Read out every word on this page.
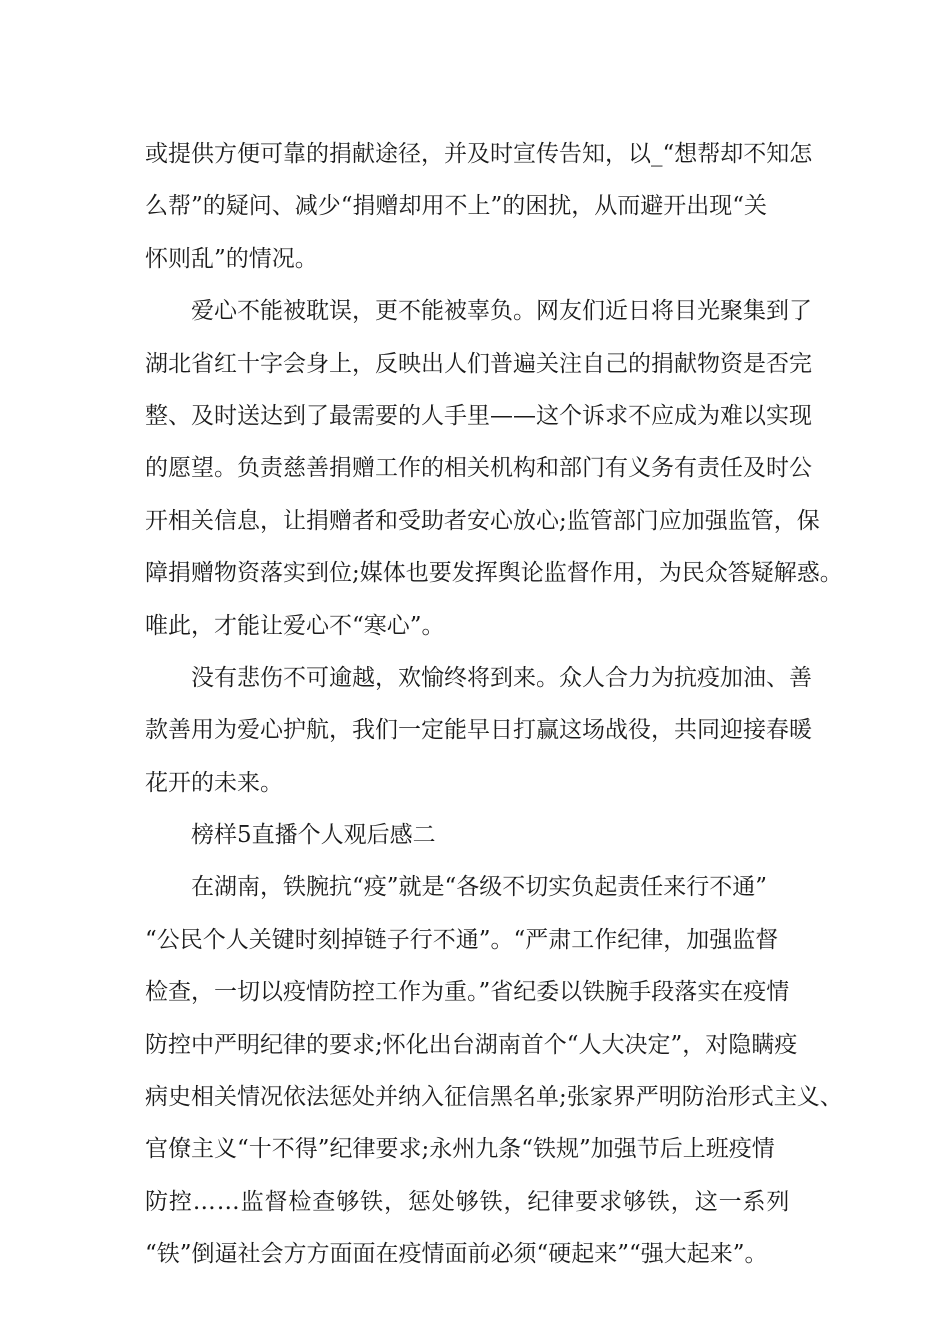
或提供方便可靠的捐献途径，并及时宣传告知，以_“想帮却不知怎
么帮”的疑问、减少“捐赠却用不上”的困扰，从而避开出现“关
怀则乱”的情况。
爱心不能被耽误，更不能被辜负。网友们近日将目光聚集到了
湖北省红十字会身上，反映出人们普遍关注自己的捐献物资是否完
整、及时送达到了最需要的人手里——这个诉求不应成为难以实现
的愿望。负责慈善捐赠工作的相关机构和部门有义务有责任及时公
开相关信息，让捐赠者和受助者安心放心;监管部门应加强监管，保
障捐赠物资落实到位;媒体也要发挥舆论监督作用，为民众答疑解惑。
唯此，才能让爱心不“寒心”。
没有悲伤不可逾越，欢愉终将到来。众人合力为抗疫加油、善
款善用为爱心护航，我们一定能早日打赢这场战役，共同迎接春暖
花开的未来。
榜样5直播个人观后感二
在湖南，铁腕抗“疫”就是“各级不切实负起责任来行不通”
“公民个人关键时刻掉链子行不通”。“严肃工作纪律，加强监督
检查，一切以疫情防控工作为重。”省纪委以铁腕手段落实在疫情
防控中严明纪律的要求;怀化出台湖南首个“人大决定”，对隐瞒疫
病史相关情况依法惩处并纳入征信黑名单;张家界严明防治形式主义、
官僚主义“十不得”纪律要求;永州九条“铁规”加强节后上班疫情
防控……监督检查够铁，惩处够铁，纪律要求够铁，这一系列
“铁”倒逼社会方方面面在疫情面前必须“硬起来”“强大起来”。
